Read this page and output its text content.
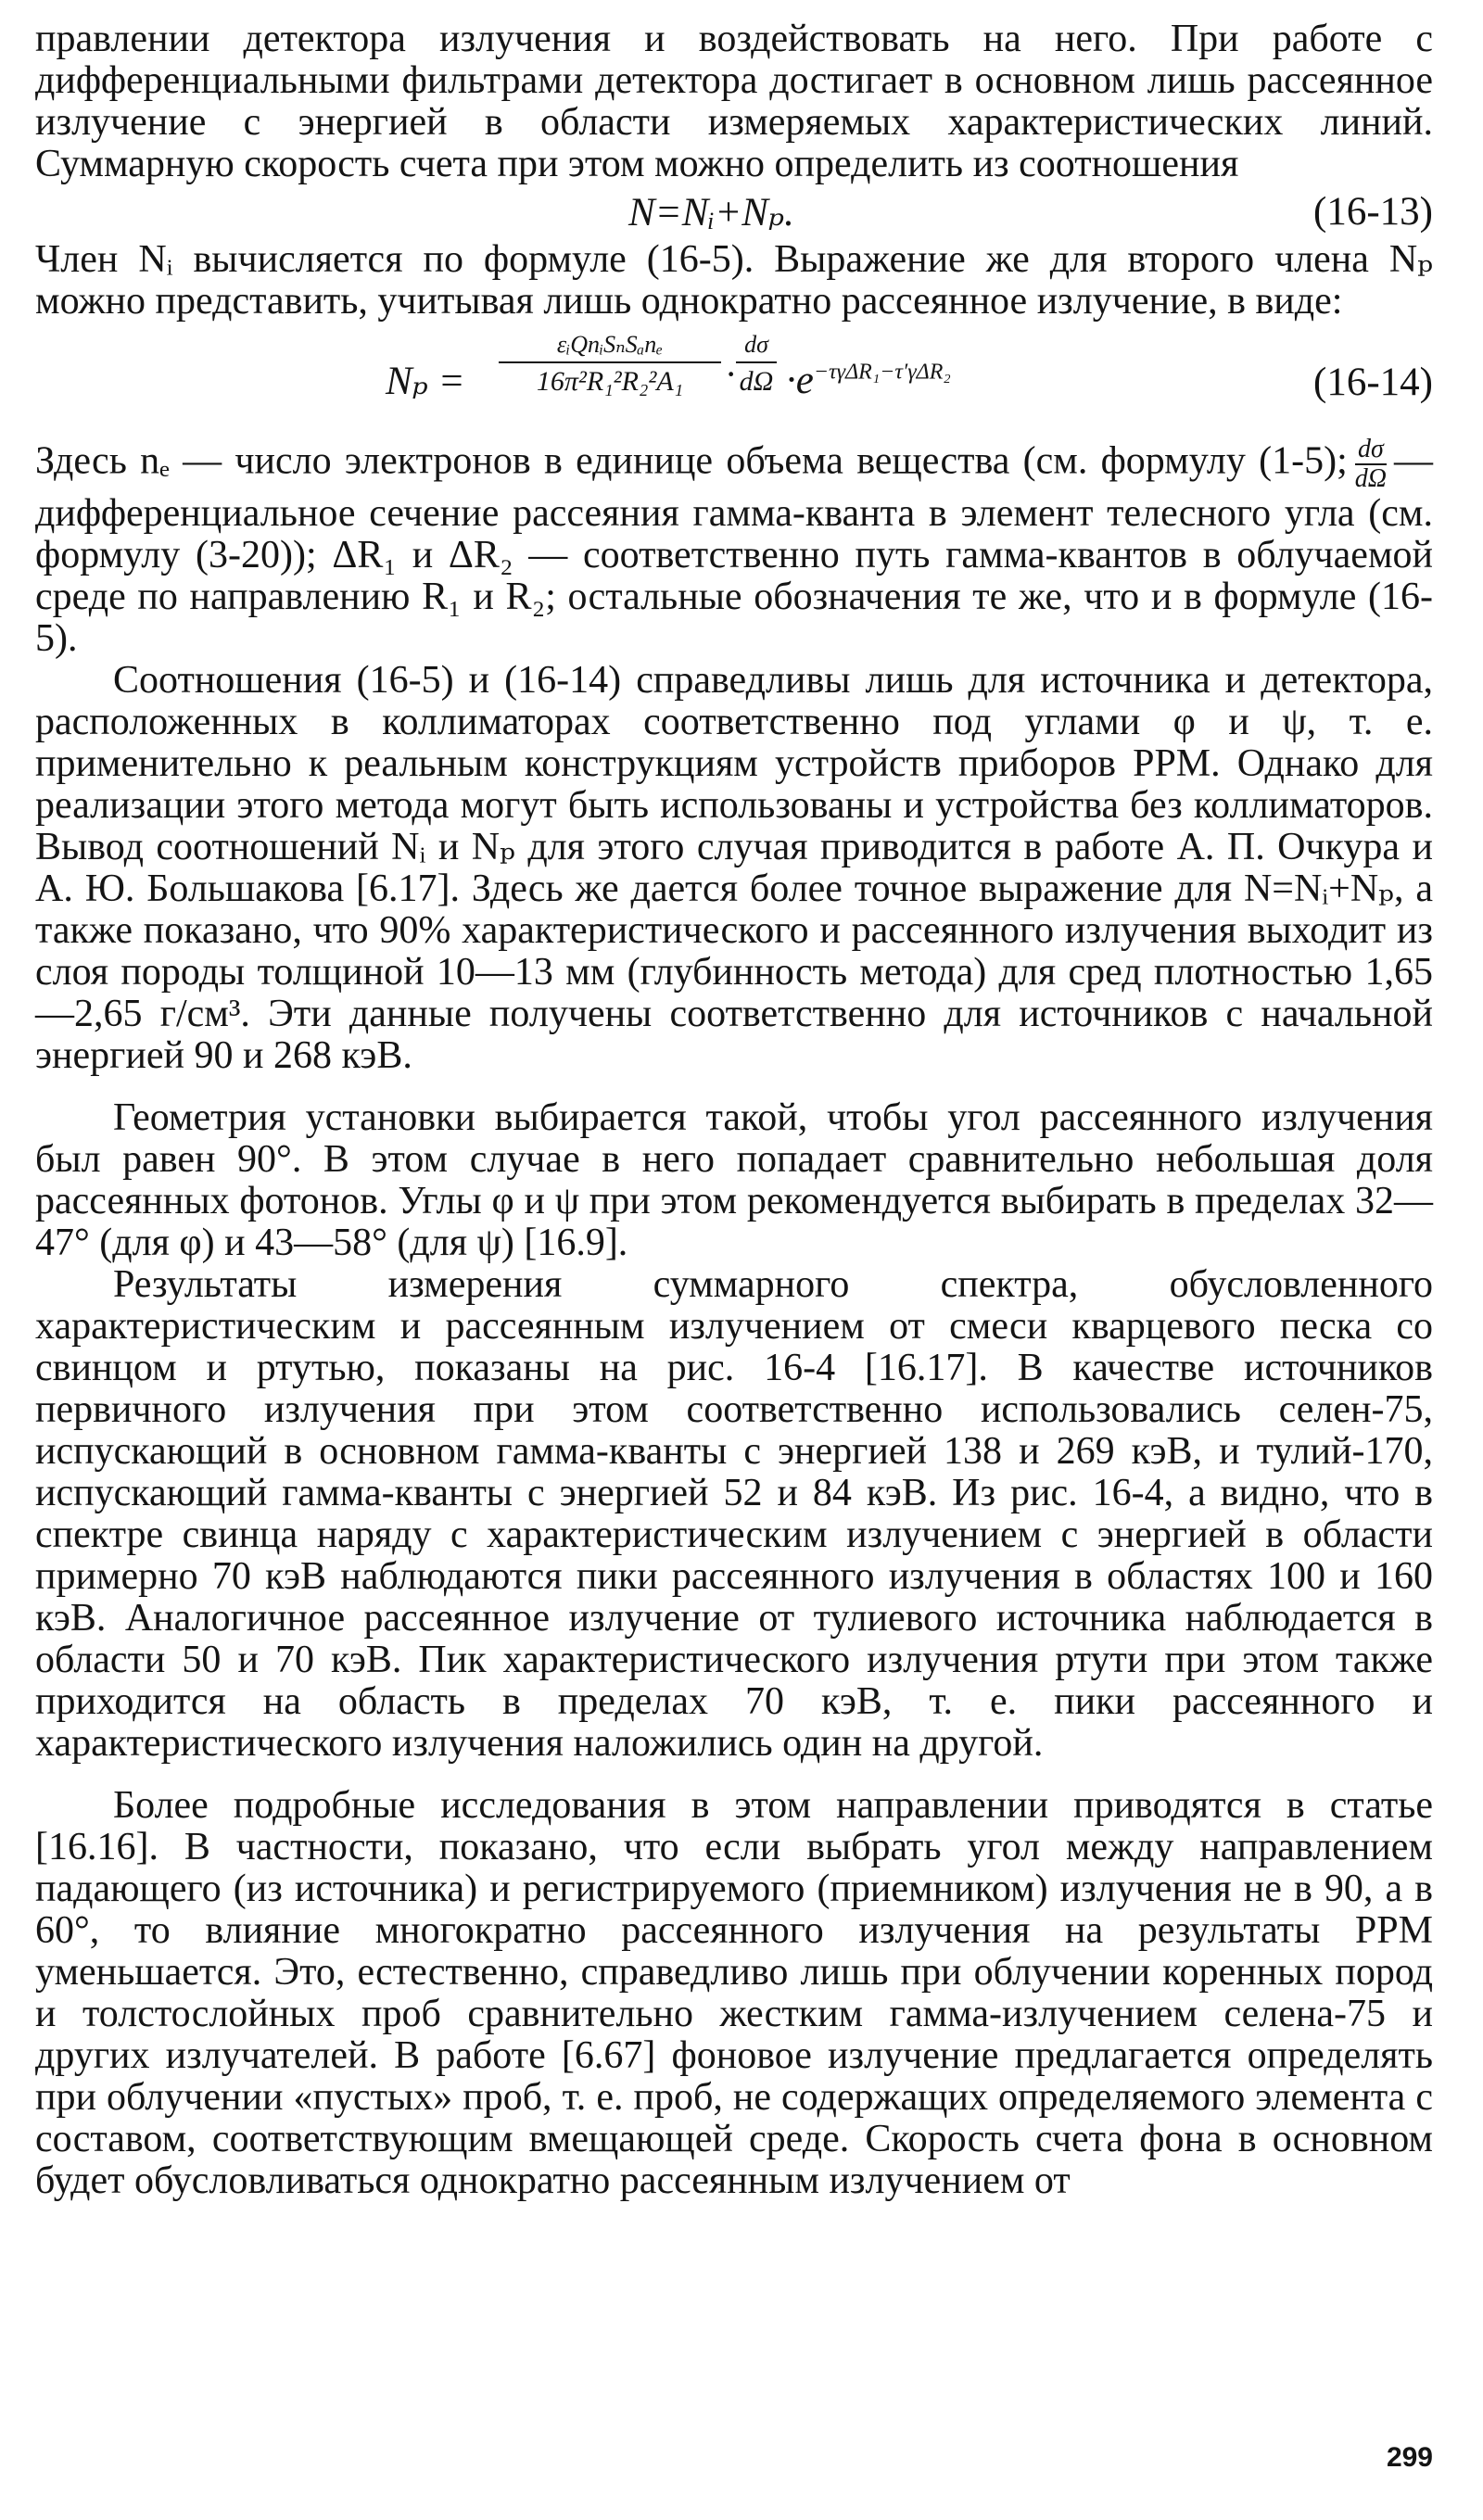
правлении детектора излучения и воздействовать на него. При работе с дифференциальными фильтрами детектора достигает в основном лишь рассеянное излучение с энергией в области измеряемых характеристических линий. Суммарную скорость счета при этом можно определить из соотношения

N=Nᵢ+Nₚ.	(16-13)

Член Nᵢ вычисляется по формуле (16-5). Выражение же для второго члена Nₚ можно представить, учитывая лишь однократно рассеянное излучение, в виде:

Nₚ =
εᵢQnᵢSₙSₐnₑ
16π²R₁²R₂²A₁	·
dσ
$d\Omega \cdot e^{-\tau\gamma\Delta R_1-\tau'\gamma\Delta R_2}$	(16-14)

Здесь nₑ — число электронов в единице объема вещества (см. формулу (1-5); $\frac{d\sigma}{d\Omega}$ — дифференциальное сечение рассеяния гамма-кванта в элемент телесного угла (см. формулу (3-20)); ΔR₁ и ΔR₂ — соответственно путь гамма-квантов в облучаемой среде по направлению R₁ и R₂; остальные обозначения те же, что и в формуле (16-5).

Соотношения (16-5) и (16-14) справедливы лишь для источника и детектора, расположенных в коллиматорах соответственно под углами φ и ψ, т. е. применительно к реальным конструкциям устройств приборов РРМ. Однако для реализации этого метода могут быть использованы и устройства без коллиматоров. Вывод соотношений Nᵢ и Nₚ для этого случая приводится в работе А. П. Очкура и А. Ю. Большакова [6.17]. Здесь же дается более точное выражение для N=Nᵢ+Nₚ, а также показано, что 90% характеристического и рассеянного излучения выходит из слоя породы толщиной 10—13 мм (глубинность метода) для сред плотностью 1,65—2,65 г/см³. Эти данные получены соответственно для источников с начальной энергией 90 и 268 кэВ.

Геометрия установки выбирается такой, чтобы угол рассеянного излучения был равен 90°. В этом случае в него попадает сравнительно небольшая доля рассеянных фотонов. Углы φ и ψ при этом рекомендуется выбирать в пределах 32—47° (для φ) и 43—58° (для ψ) [16.9].

Результаты измерения суммарного спектра, обусловленного характеристическим и рассеянным излучением от смеси кварцевого песка со свинцом и ртутью, показаны на рис. 16-4 [16.17]. В качестве источников первичного излучения при этом соответственно использовались селен-75, испускающий в основном гамма-кванты с энергией 138 и 269 кэВ, и тулий-170, испускающий гамма-кванты с энергией 52 и 84 кэВ. Из рис. 16-4, а видно, что в спектре свинца наряду с характеристическим излучением с энергией в области примерно 70 кэВ наблюдаются пики рассеянного излучения в областях 100 и 160 кэВ. Аналогичное рассеянное излучение от тулиевого источника наблюдается в области 50 и 70 кэВ. Пик характеристического излучения ртути при этом также приходится на область в пределах 70 кэВ, т. е. пики рассеянного и характеристического излучения наложились один на другой.

Более подробные исследования в этом направлении приводятся в статье [16.16]. В частности, показано, что если выбрать угол между направлением падающего (из источника) и регистрируемого (приемником) излучения не в 90, а в 60°, то влияние многократно рассеянного излучения на результаты РРМ уменьшается. Это, естественно, справедливо лишь при облучении коренных пород и толстослойных проб сравнительно жестким гамма-излучением селена-75 и других излучателей. В работе [6.67] фоновое излучение предлагается определять при облучении «пустых» проб, т. е. проб, не содержащих определяемого элемента с составом, соответствующим вмещающей среде. Скорость счета фона в основном будет обусловливаться однократно рассеянным излучением от

299
